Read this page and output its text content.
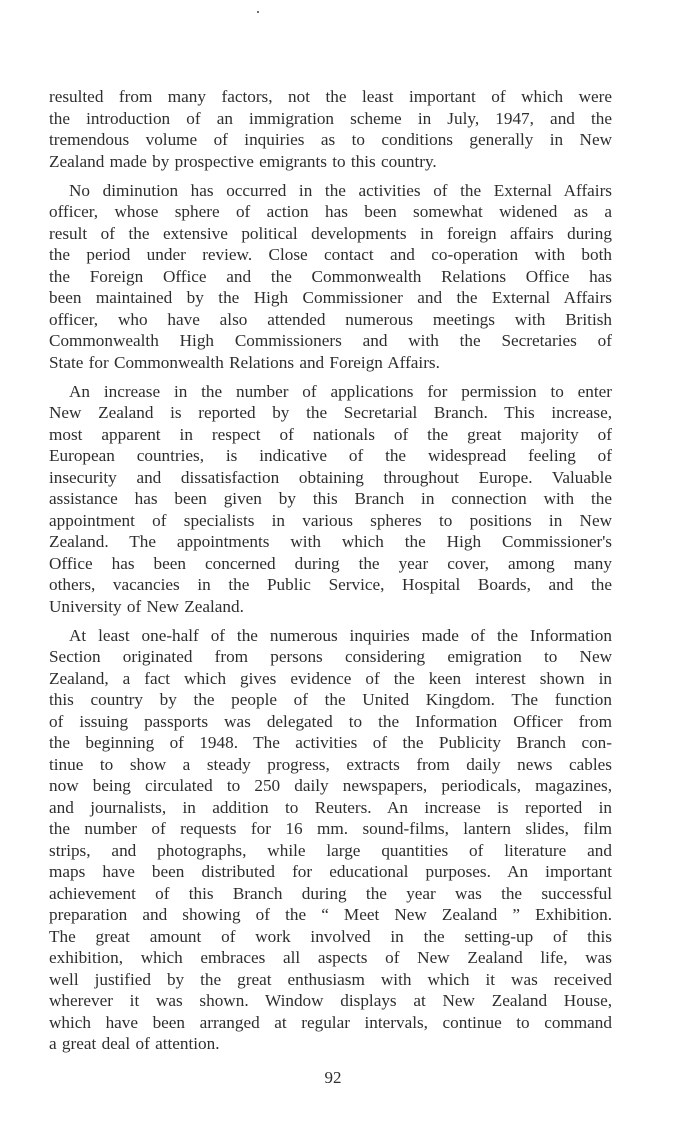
resulted from many factors, not the least important of which were
the introduction of an immigration scheme in July, 1947, and the
tremendous volume of inquiries as to conditions generally in New
Zealand made by prospective emigrants to this country.
No diminution has occurred in the activities of the External Affairs
officer, whose sphere of action has been somewhat widened as a
result of the extensive political developments in foreign affairs during
the period under review. Close contact and co-operation with both
the Foreign Office and the Commonwealth Relations Office has
been maintained by the High Commissioner and the External Affairs
officer, who have also attended numerous meetings with British
Commonwealth High Commissioners and with the Secretaries of
State for Commonwealth Relations and Foreign Affairs.
An increase in the number of applications for permission to enter
New Zealand is reported by the Secretarial Branch. This increase,
most apparent in respect of nationals of the great majority of
European countries, is indicative of the widespread feeling of
insecurity and dissatisfaction obtaining throughout Europe. Valuable
assistance has been given by this Branch in connection with the
appointment of specialists in various spheres to positions in New
Zealand. The appointments with which the High Commissioner's
Office has been concerned during the year cover, among many
others, vacancies in the Public Service, Hospital Boards, and the
University of New Zealand.
At least one-half of the numerous inquiries made of the Information
Section originated from persons considering emigration to New
Zealand, a fact which gives evidence of the keen interest shown in
this country by the people of the United Kingdom. The function
of issuing passports was delegated to the Information Officer from
the beginning of 1948. The activities of the Publicity Branch con-
tinue to show a steady progress, extracts from daily news cables
now being circulated to 250 daily newspapers, periodicals, magazines,
and journalists, in addition to Reuters. An increase is reported in
the number of requests for 16 mm. sound-films, lantern slides, film
strips, and photographs, while large quantities of literature and
maps have been distributed for educational purposes. An important
achievement of this Branch during the year was the successful
preparation and showing of the “ Meet New Zealand ” Exhibition.
The great amount of work involved in the setting-up of this
exhibition, which embraces all aspects of New Zealand life, was
well justified by the great enthusiasm with which it was received
wherever it was shown. Window displays at New Zealand House,
which have been arranged at regular intervals, continue to command
a great deal of attention.
92
